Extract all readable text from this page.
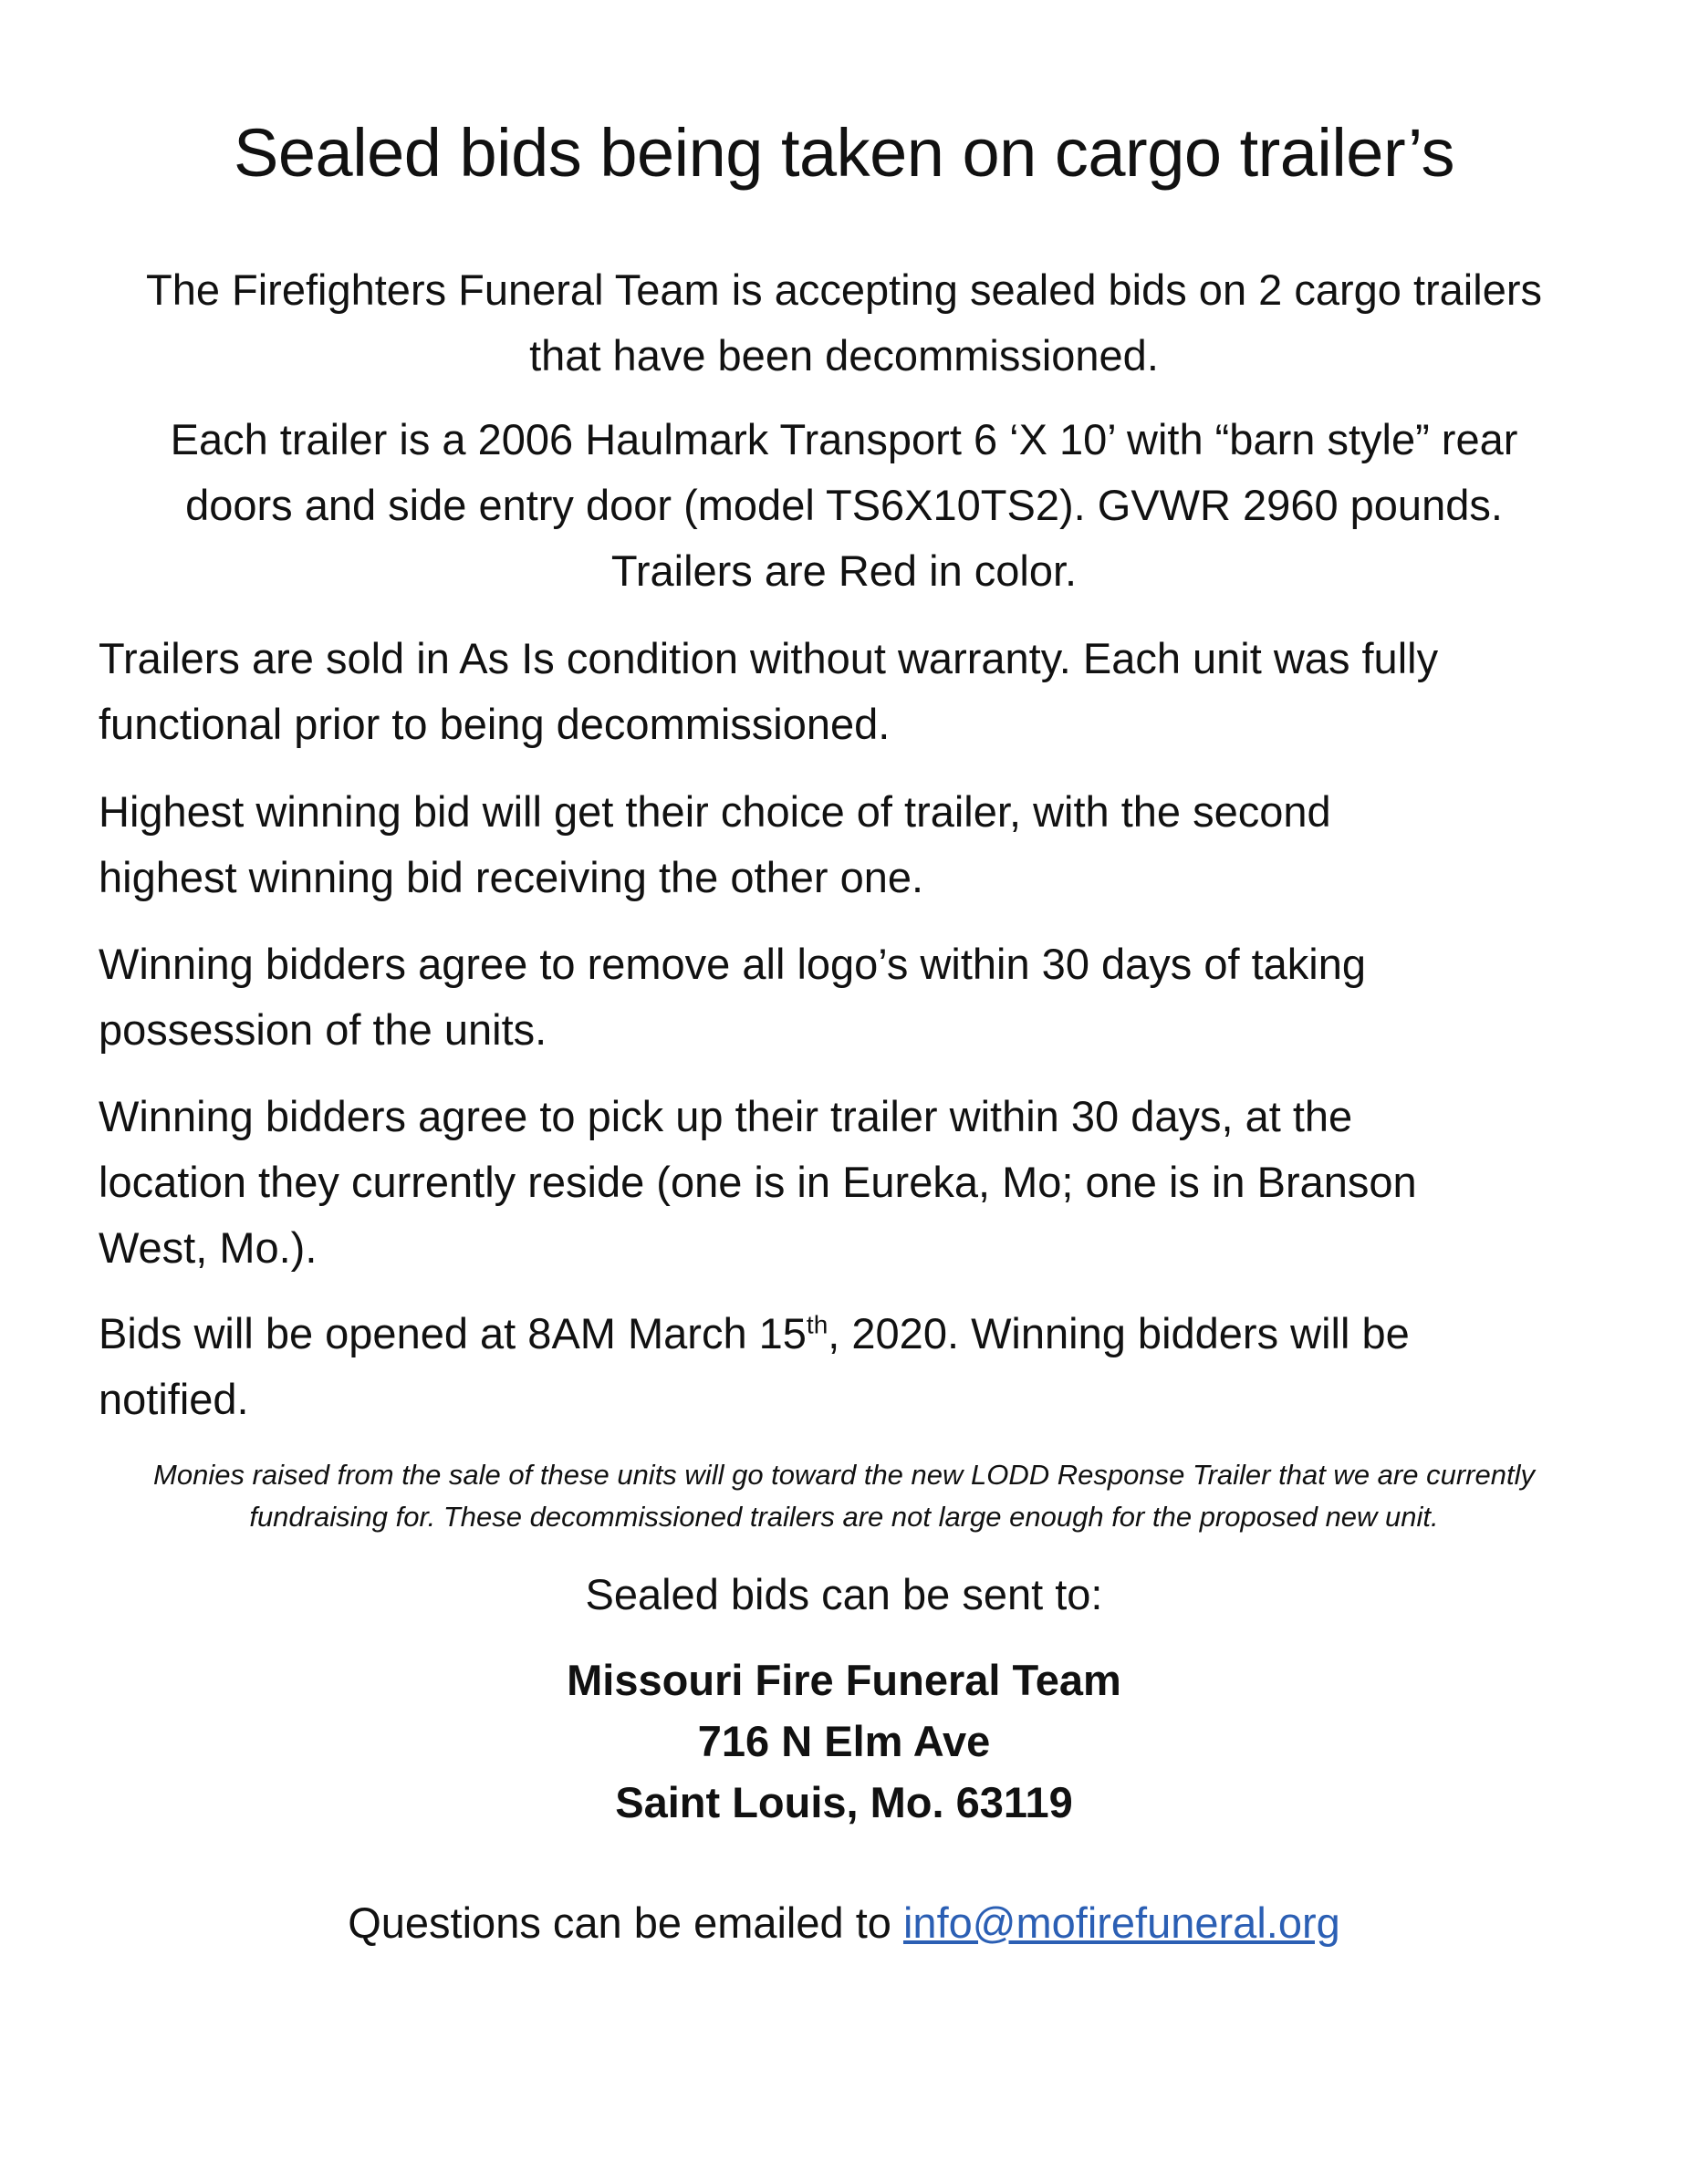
Sealed bids being taken on cargo trailer’s

The Firefighters Funeral Team is accepting sealed bids on 2 cargo trailers
that have been decommissioned.

Each trailer is a 2006 Haulmark Transport 6 ‘X 10’ with “barn style” rear
doors and side entry door (model TS6X10TS2). GVWR 2960 pounds.
Trailers are Red in color.

Trailers are sold in As Is condition without warranty. Each unit was fully
functional prior to being decommissioned.

Highest winning bid will get their choice of trailer, with the second
highest winning bid receiving the other one.

Winning bidders agree to remove all logo’s within 30 days of taking
possession of the units.

Winning bidders agree to pick up their trailer within 30 days, at the
location they currently reside (one is in Eureka, Mo; one is in Branson
West, Mo.).

Bids will be opened at 8AM March 15th, 2020. Winning bidders will be
notified.

Monies raised from the sale of these units will go toward the new LODD Response Trailer that we are currently
fundraising for. These decommissioned trailers are not large enough for the proposed new unit.

Sealed bids can be sent to:

Missouri Fire Funeral Team
716 N Elm Ave
Saint Louis, Mo. 63119

Questions can be emailed to info@mofirefuneral.org
